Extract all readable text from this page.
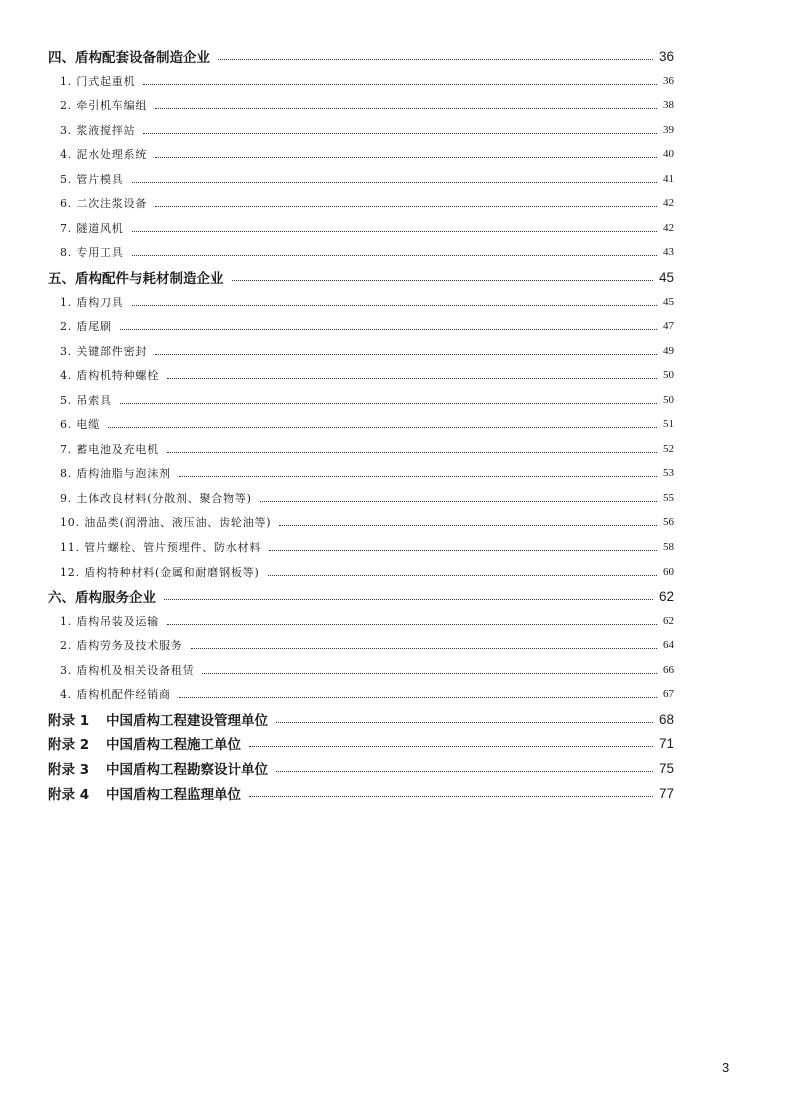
四、盾构配套设备制造企业	36
1. 门式起重机	36
2. 牵引机车编组	38
3. 浆液搅拌站	39
4. 泥水处理系统	40
5. 管片模具	41
6. 二次注浆设备	42
7. 隧道风机	42
8. 专用工具	43
五、盾构配件与耗材制造企业	45
1. 盾构刀具	45
2. 盾尾刷	47
3. 关键部件密封	49
4. 盾构机特种螺栓	50
5. 吊索具	50
6. 电缆	51
7. 蓄电池及充电机	52
8. 盾构油脂与泡沫剂	53
9. 土体改良材料(分散剂、聚合物等)	55
10. 油品类(润滑油、液压油、齿轮油等)	56
11. 管片螺栓、管片预埋件、防水材料	58
12. 盾构特种材料(金属和耐磨钢板等)	60
六、盾构服务企业	62
1. 盾构吊装及运输	62
2. 盾构劳务及技术服务	64
3. 盾构机及相关设备租赁	66
4. 盾构机配件经销商	67
附录 1 中国盾构工程建设管理单位	68
附录 2 中国盾构工程施工单位	71
附录 3 中国盾构工程勘察设计单位	75
附录 4 中国盾构工程监理单位	77
3
